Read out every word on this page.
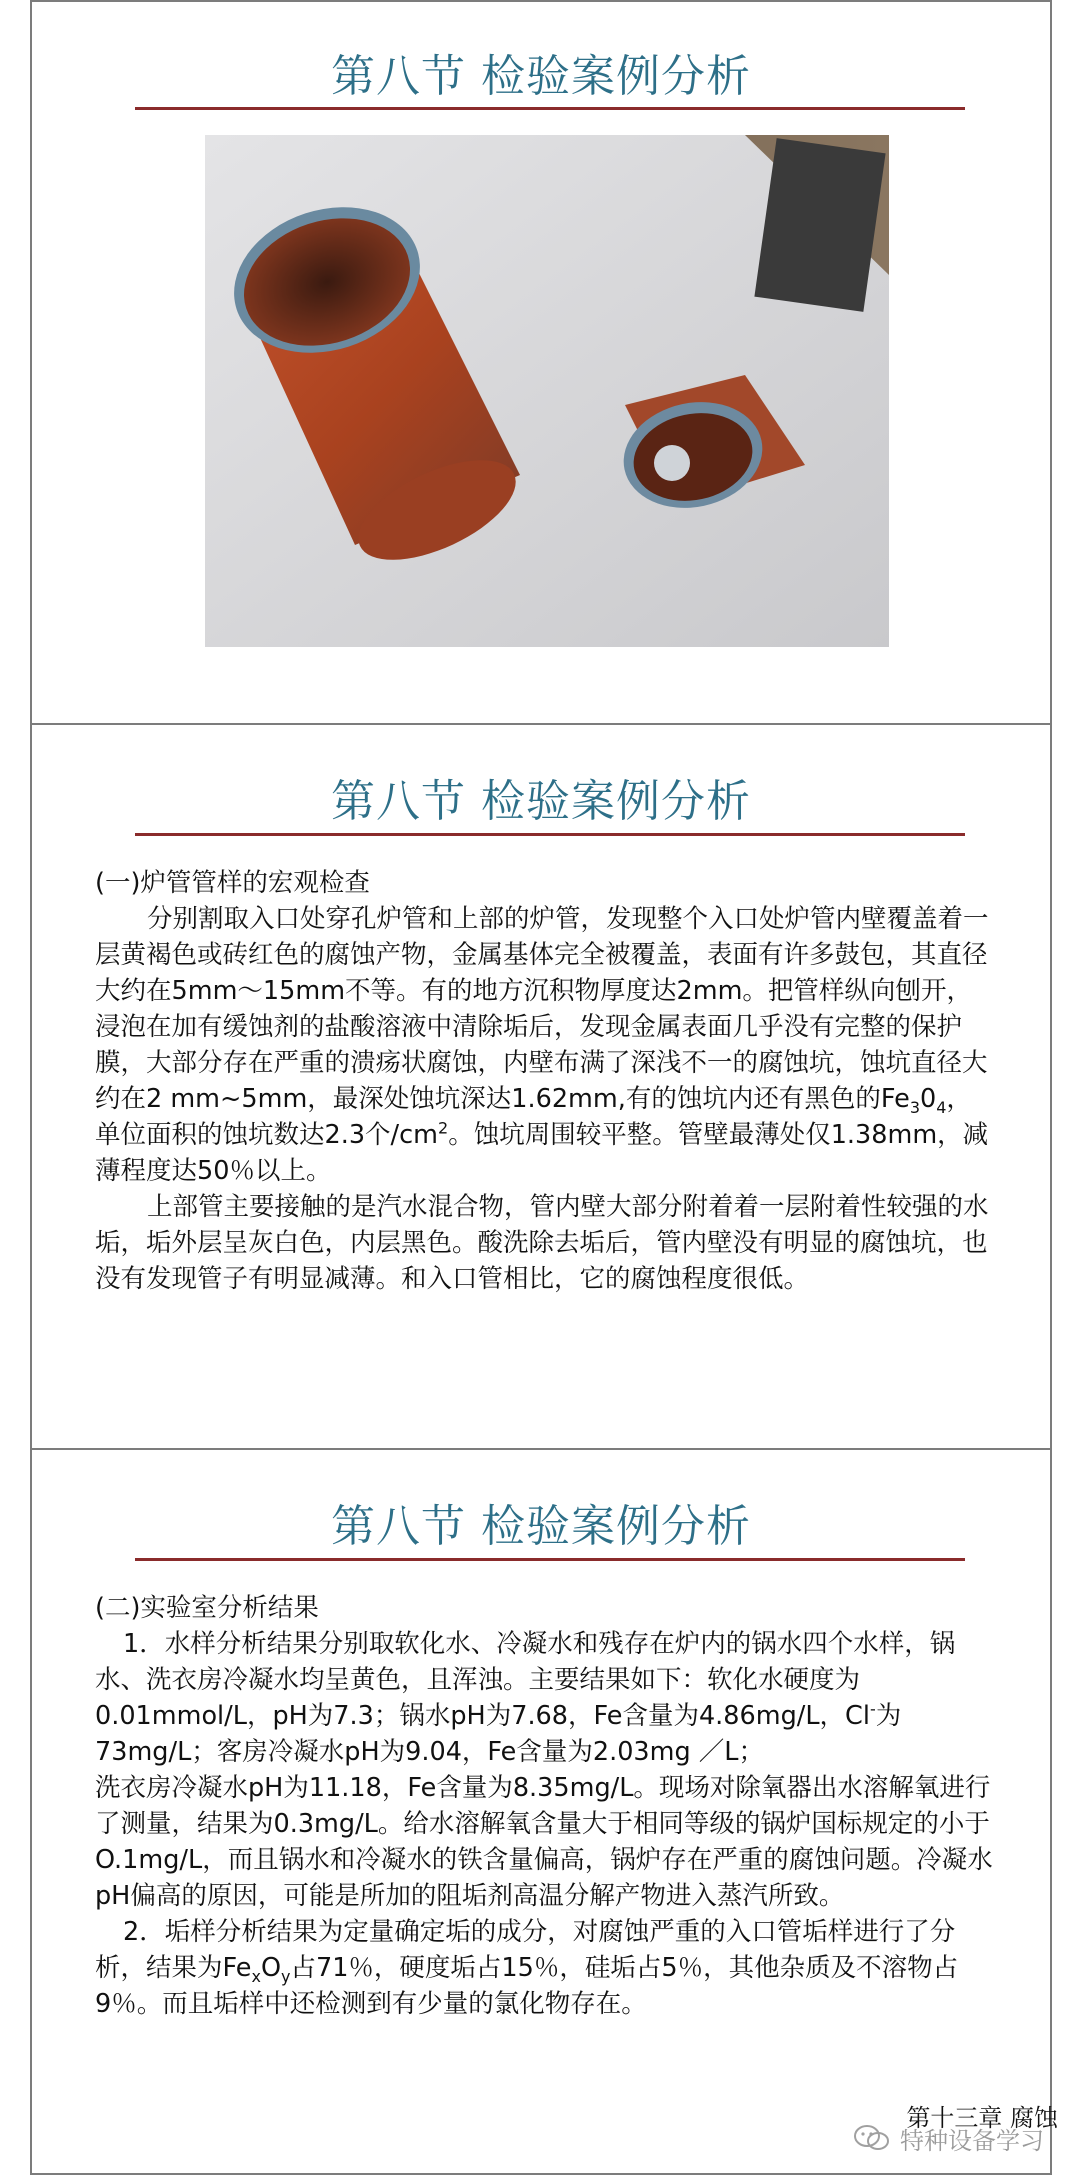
第八节 检验案例分析
第八节 检验案例分析

(一)炉管管样的宏观检查

分别割取入口处穿孔炉管和上部的炉管，发现整个入口处炉管内壁覆盖着一层黄褐色或砖红色的腐蚀产物，金属基体完全被覆盖，表面有许多鼓包，其直径大约在5mm～15mm不等。有的地方沉积物厚度达2mm。把管样纵向刨开，浸泡在加有缓蚀剂的盐酸溶液中清除垢后，发现金属表面几乎没有完整的保护膜，大部分存在严重的溃疡状腐蚀，内壁布满了深浅不一的腐蚀坑，蚀坑直径大约在2 mm~5mm，最深处蚀坑深达1.62mm,有的蚀坑内还有黑色的$Fe_30_4$，单位面积的蚀坑数达2.3个$/cm^2$。蚀坑周围较平整。管壁最薄处仅1.38mm，减薄程度达50％以上。

上部管主要接触的是汽水混合物，管内壁大部分附着着一层附着性较强的水垢，垢外层呈灰白色，内层黑色。酸洗除去垢后，管内壁没有明显的腐蚀坑，也没有发现管子有明显减薄。和入口管相比，它的腐蚀程度很低。

第八节 检验案例分析

(二)实验室分析结果

1．水样分析结果分别取软化水、冷凝水和残存在炉内的锅水四个水样，锅水、洗衣房冷凝水均呈黄色，且浑浊。主要结果如下：软化水硬度为0.01mmol/L，pH为7.3；锅水pH为7.68，Fe含量为4.86mg/L，Cl-为73mg/L；客房冷凝水pH为9.04，Fe含量为2.03mg ／L；

洗衣房冷凝水pH为11.18，Fe含量为8.35mg/L。现场对除氧器出水溶解氧进行了测量，结果为0.3mg/L。给水溶解氧含量大于相同等级的锅炉国标规定的小于O.1mg/L，而且锅水和冷凝水的铁含量偏高，锅炉存在严重的腐蚀问题。冷凝水pH偏高的原因，可能是所加的阻垢剂高温分解产物进入蒸汽所致。

2．垢样分析结果为定量确定垢的成分，对腐蚀严重的入口管垢样进行了分析，结果为$Fe_xO_y$占71％，硬度垢占15％，硅垢占5％，其他杂质及不溶物占9％。而且垢样中还检测到有少量的氯化物存在。

第十三章 腐蚀
特种设备学习
